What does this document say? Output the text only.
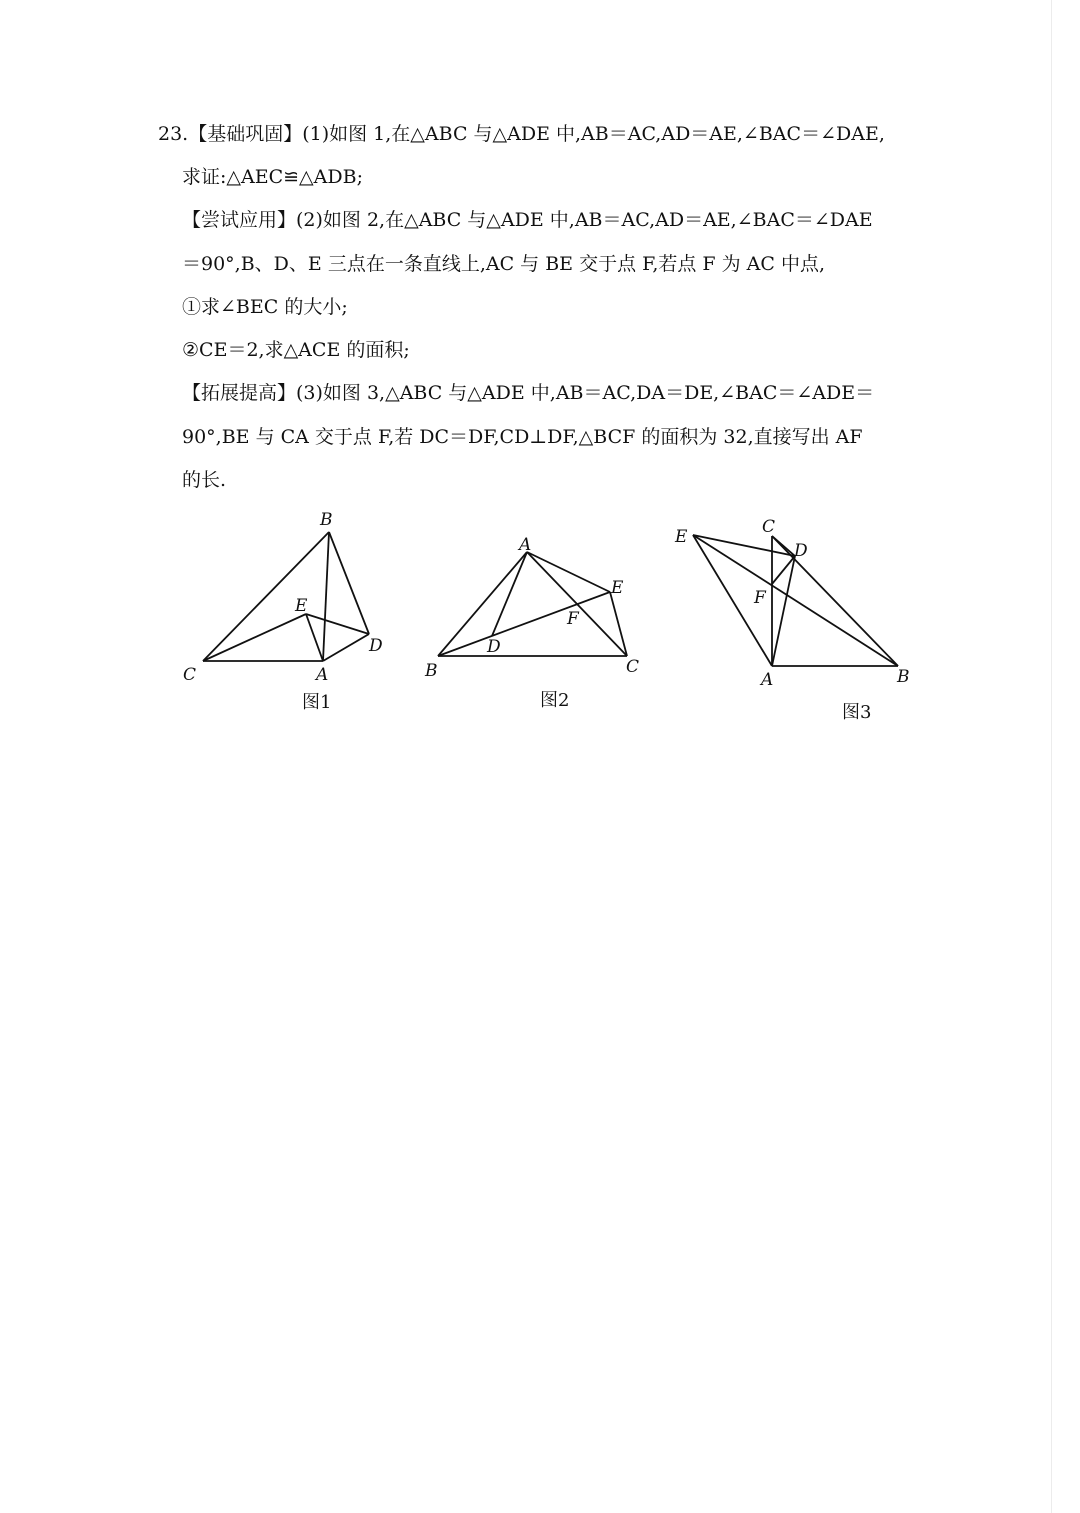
23.【基础巩固】(1)如图 1,在△ABC 与△ADE 中,AB＝AC,AD＝AE,∠BAC＝∠DAE,
求证:△AEC≌△ADB;
【尝试应用】(2)如图 2,在△ABC 与△ADE 中,AB＝AC,AD＝AE,∠BAC＝∠DAE
＝90°,B、D、E 三点在一条直线上,AC 与 BE 交于点 F,若点 F 为 AC 中点,
①求∠BEC 的大小;
②CE＝2,求△ACE 的面积;
【拓展提高】(3)如图 3,△ABC 与△ADE 中,AB＝AC,DA＝DE,∠BAC＝∠ADE＝
90°,BE 与 CA 交于点 F,若 DC＝DF,CD⊥DF,△BCF 的面积为 32,直接写出 AF
的长.
B
E
D
C	A
图1
A
E
F
D
B	C
图2
E	C
D
F
A	B
图3
